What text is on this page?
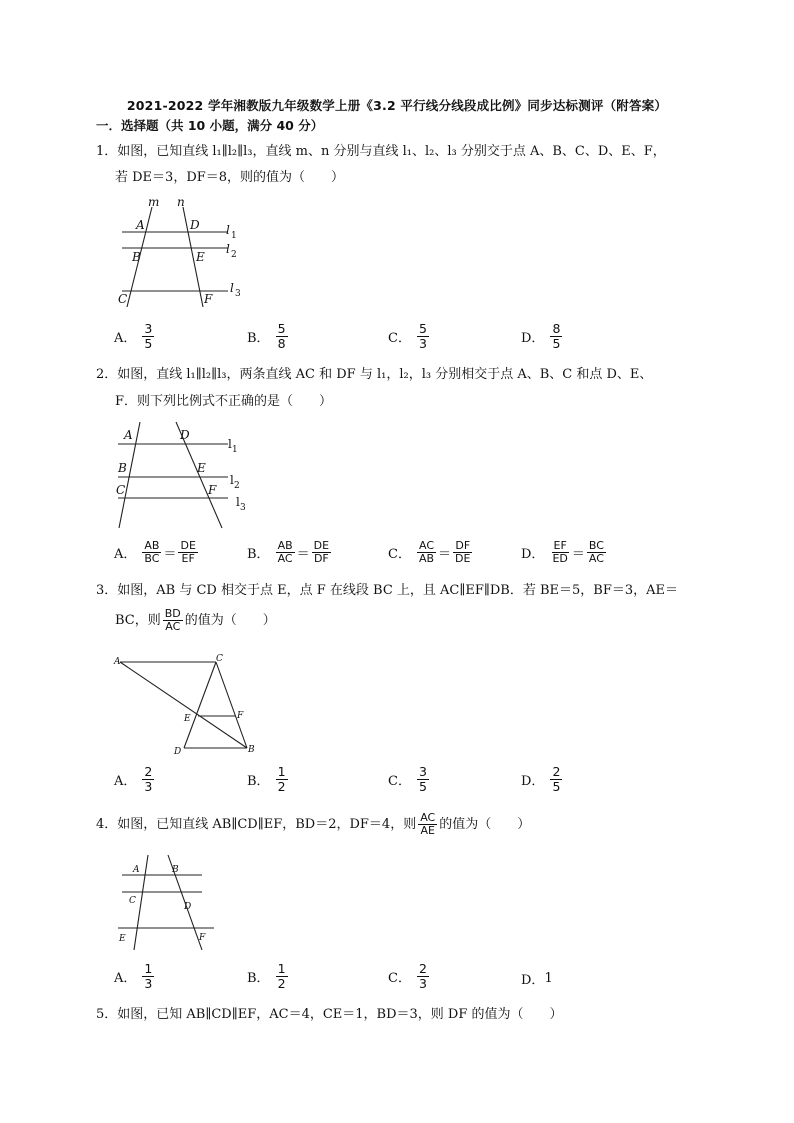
2021-2022 学年湘教版九年级数学上册《3.2 平行线分线段成比例》同步达标测评（附答案）
一．选择题（共 10 小题，满分 40 分）
1．如图，已知直线 l₁∥l₂∥l₃，直线 m、n 分别与直线 l₁、l₂、l₃ 分别交于点 A、B、C、D、E、F，
若 DE＝3，DF＝8，则的值为（　　）
m n
A	D
B	E
C	F
l 1
l 2
l 3
A． $\frac{3}{5}$	B． $\frac{5}{8}$	C． $\frac{5}{3}$	D． $\frac{8}{5}$
2．如图，直线 l₁∥l₂∥l₃，两条直线 AC 和 DF 与 l₁，l₂，l₃ 分别相交于点 A、B、C 和点 D、E、
F．则下列比例式不正确的是（　　）
A	D
B	E
C	F
l 1
l 2
l 3
A． $\frac{AB}{BC} = \frac{DE}{EF}$	B． $\frac{AB}{AC} = \frac{DE}{DF}$	C． $\frac{AC}{AB} = \frac{DF}{DE}$	D． $\frac{EF}{ED} = \frac{BC}{AC}$
3．如图，AB 与 CD 相交于点 E，点 F 在线段 BC 上，且 AC∥EF∥DB．若 BE＝5，BF＝3，AE＝
BC，则 $\frac{BD}{AC}$ 的值为（　　）
A	C
E	F
D	B
A． $\frac{2}{3}$	B． $\frac{1}{2}$	C． $\frac{3}{5}$	D． $\frac{2}{5}$
4．如图，已知直线 AB∥CD∥EF，BD＝2，DF＝4，则 $\frac{AC}{AE}$ 的值为（　　）
A	B
C
D
E	F
A． $\frac{1}{3}$	B． $\frac{1}{2}$	C． $\frac{2}{3}$	D． 1
5．如图，已知 AB∥CD∥EF，AC＝4，CE＝1，BD＝3，则 DF 的值为（　　）
